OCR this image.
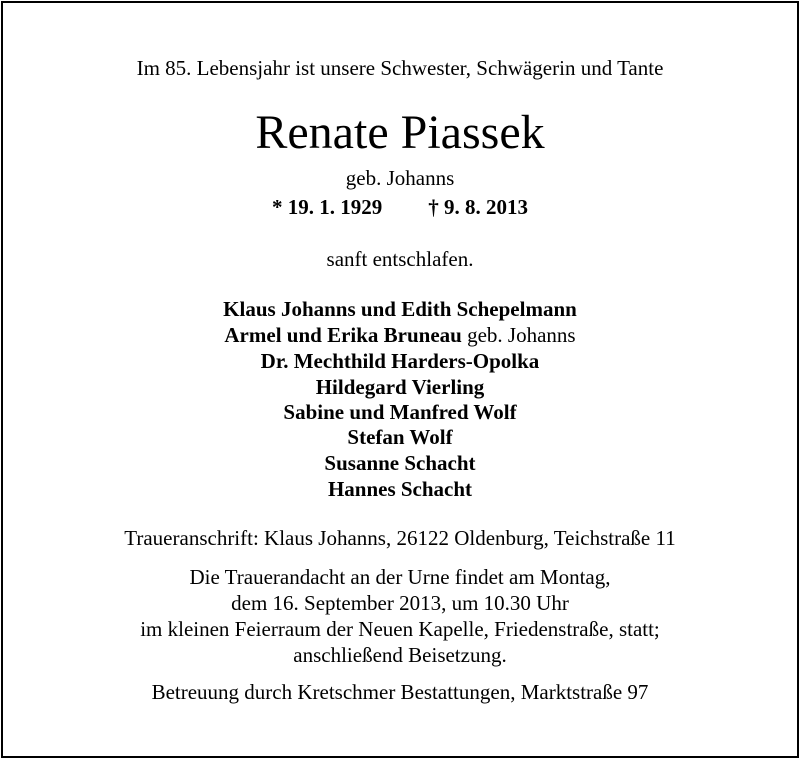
Im 85. Lebensjahr ist unsere Schwester, Schwägerin und Tante
Renate Piassek
geb. Johanns
* 19. 1. 1929 † 9. 8. 2013
sanft entschlafen.
Klaus Johanns und Edith Schepelmann
Armel und Erika Bruneau geb. Johanns
Dr. Mechthild Harders-Opolka
Hildegard Vierling
Sabine und Manfred Wolf
Stefan Wolf
Susanne Schacht
Hannes Schacht
Traueranschrift: Klaus Johanns, 26122 Oldenburg, Teichstraße 11
Die Trauerandacht an der Urne findet am Montag,
dem 16. September 2013, um 10.30 Uhr
im kleinen Feierraum der Neuen Kapelle, Friedenstraße, statt;
anschließend Beisetzung.
Betreuung durch Kretschmer Bestattungen, Marktstraße 97
